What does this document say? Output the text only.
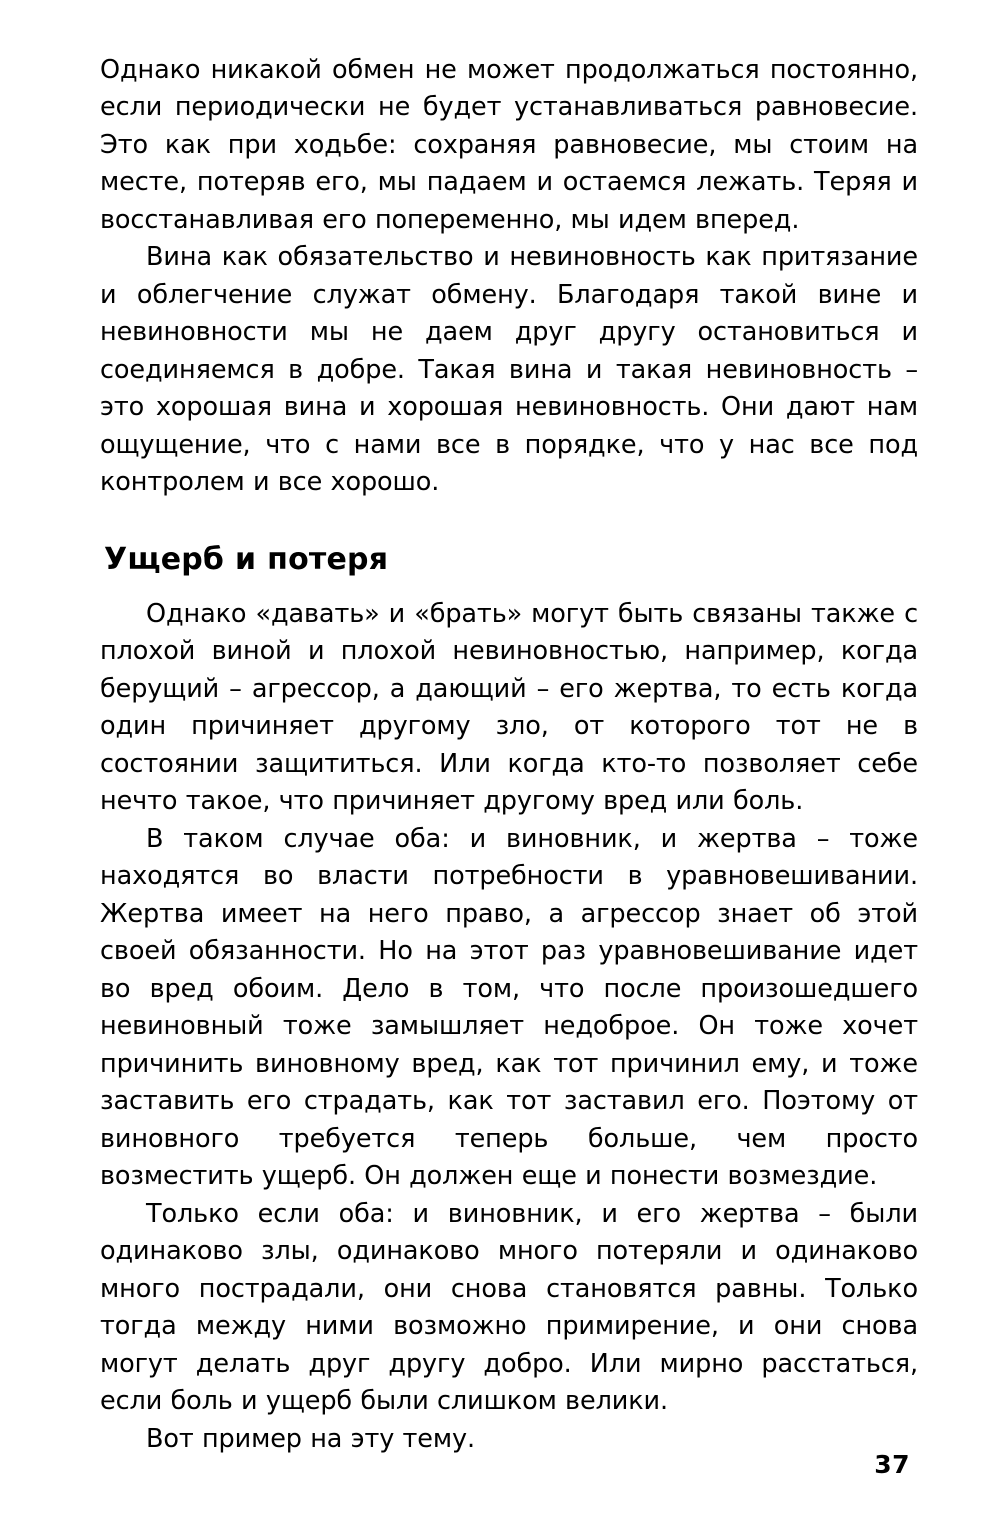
Однако никакой обмен не может продолжаться постоянно, если периодически не будет устанавливаться равновесие. Это как при ходьбе: сохраняя равновесие, мы стоим на месте, потеряв его, мы падаем и остаемся лежать. Теряя и восстанавливая его попеременно, мы идем вперед.

Вина как обязательство и невиновность как притязание и облегчение служат обмену. Благодаря такой вине и невиновности мы не даем друг другу остановиться и соединяемся в добре. Такая вина и такая невиновность – это хорошая вина и хорошая невиновность. Они дают нам ощущение, что с нами все в порядке, что у нас все под контролем и все хорошо.

Ущерб и потеря

Однако «давать» и «брать» могут быть связаны также с плохой виной и плохой невиновностью, например, когда берущий – агрессор, а дающий – его жертва, то есть когда один причиняет другому зло, от которого тот не в состоянии защититься. Или когда кто-то позволяет себе нечто такое, что причиняет другому вред или боль.

В таком случае оба: и виновник, и жертва – тоже находятся во власти потребности в уравновешивании. Жертва имеет на него право, а агрессор знает об этой своей обязанности. Но на этот раз уравновешивание идет во вред обоим. Дело в том, что после произошедшего невиновный тоже замышляет недоброе. Он тоже хочет причинить виновному вред, как тот причинил ему, и тоже заставить его страдать, как тот заставил его. Поэтому от виновного требуется теперь больше, чем просто возместить ущерб. Он должен еще и понести возмездие.

Только если оба: и виновник, и его жертва – были одинаково злы, одинаково много потеряли и одинаково много пострадали, они снова становятся равны. Только тогда между ними возможно примирение, и они снова могут делать друг другу добро. Или мирно расстаться, если боль и ущерб были слишком велики.

Вот пример на эту тему.

37
